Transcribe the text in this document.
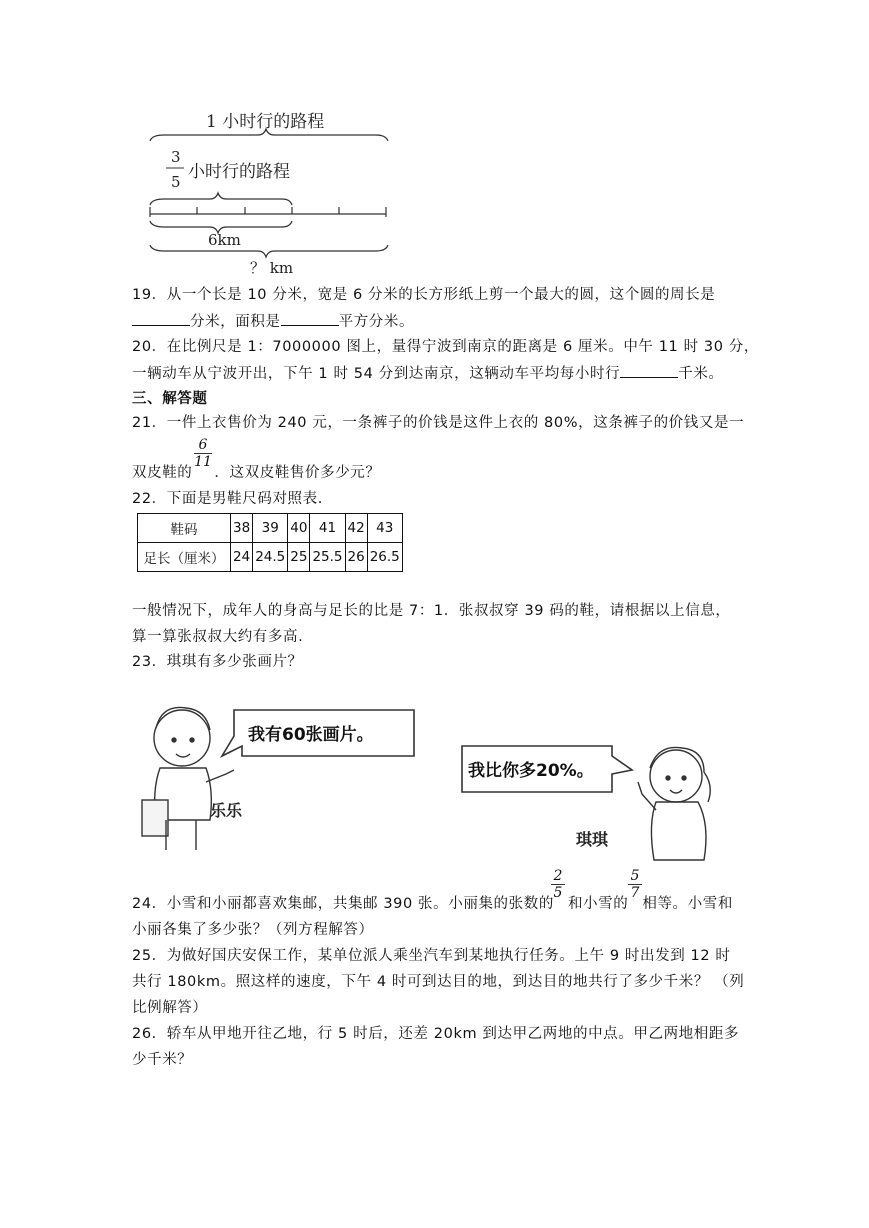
1 小时行的路程
3
5 小时行的路程
6km
？ km
19．从一个长是 10 分米，宽是 6 分米的长方形纸上剪一个最大的圆，这个圆的周长是
分米，面积是	平方分米。
20．在比例尺是 1：7000000 图上，量得宁波到南京的距离是 6 厘米。中午 11 时 30 分，
一辆动车从宁波开出，下午 1 时 54 分到达南京，这辆动车平均每小时行	千米。
三、解答题
21．一件上衣售价为 240 元，一条裤子的价钱是这件上衣的 80%，这条裤子的价钱又是一
$\frac{6}{11}$
双皮鞋的 ．这双皮鞋售价多少元？
22．下面是男鞋尺码对照表.
鞋码	38	39	40	41	42	43
足长（厘米）	24	24.5	25	25.5	26	26.5
一般情况下，成年人的身高与足长的比是 7：1．张叔叔穿 39 码的鞋，请根据以上信息，
算一算张叔叔大约有多高.
23．琪琪有多少张画片？
我有60张画片。
乐乐
我比你多20%。
琪琪
$\frac{2}{5}$	$\frac{5}{7}$
24．小雪和小丽都喜欢集邮，共集邮 390 张。小丽集的张数的 和小雪的 相等。小雪和
小丽各集了多少张？（列方程解答）
25．为做好国庆安保工作，某单位派人乘坐汽车到某地执行任务。上午 9 时出发到 12 时
共行 180km。照这样的速度，下午 4 时可到达目的地，到达目的地共行了多少千米？ （列
比例解答）
26．轿车从甲地开往乙地，行 5 时后，还差 20km 到达甲乙两地的中点。甲乙两地相距多
少千米？
